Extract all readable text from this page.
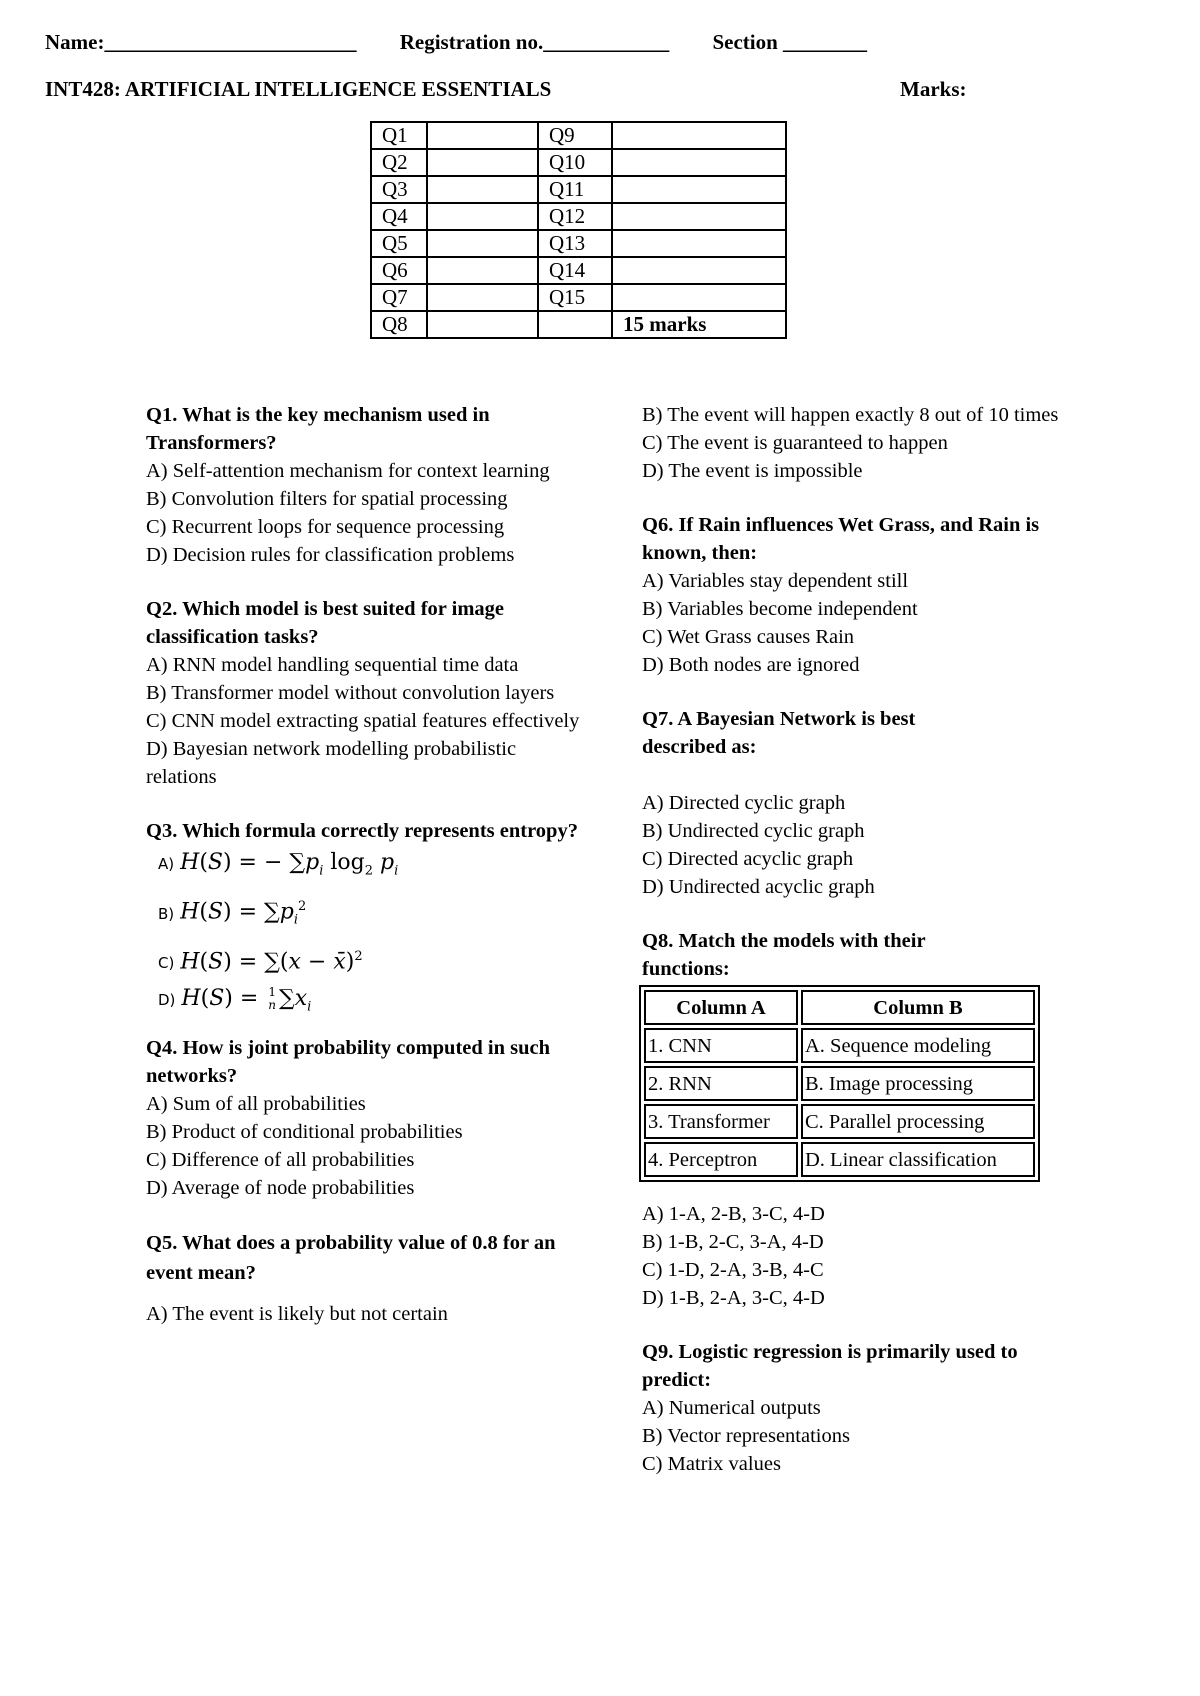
Name:________________________ Registration no.____________ Section ________
INT428: ARTIFICIAL INTELLIGENCE ESSENTIALS	Marks:
Q1		Q9	
Q2		Q10	
Q3		Q11	
Q4		Q12	
Q5		Q13	
Q6		Q14	
Q7		Q15	
Q8			15 marks
Q1. What is the key mechanism used in Transformers?
A) Self-attention mechanism for context learning
B) Convolution filters for spatial processing
C) Recurrent loops for sequence processing
D) Decision rules for classification problems
Q2. Which model is best suited for image classification tasks?
A) RNN model handling sequential time data
B) Transformer model without convolution layers
C) CNN model extracting spatial features effectively
D) Bayesian network modelling probabilistic relations
Q3. Which formula correctly represents entropy?
A) H(S) = − $\sum p_i$ $\log_2 p_i$
B) $H(S) = \sum p_i^2$
C) H(S) = ∑(x − x̄)$^2$
D) H(S) = 1
n $\sum x_i$
Q4. How is joint probability computed in such networks?
A) Sum of all probabilities
B) Product of conditional probabilities
C) Difference of all probabilities
D) Average of node probabilities
Q5. What does a probability value of 0.8 for an event mean?
A) The event is likely but not certain
B) The event will happen exactly 8 out of 10 times
C) The event is guaranteed to happen
D) The event is impossible
Q6. If Rain influences Wet Grass, and Rain is known, then:
A) Variables stay dependent still
B) Variables become independent
C) Wet Grass causes Rain
D) Both nodes are ignored
Q7. A Bayesian Network is best described as:
A) Directed cyclic graph
B) Undirected cyclic graph
C) Directed acyclic graph
D) Undirected acyclic graph
Q8. Match the models with their functions:
Column A	Column B
1. CNN	A. Sequence modeling
2. RNN	B. Image processing
3. Transformer	C. Parallel processing
4. Perceptron	D. Linear classification
A) 1-A, 2-B, 3-C, 4-D
B) 1-B, 2-C, 3-A, 4-D
C) 1-D, 2-A, 3-B, 4-C
D) 1-B, 2-A, 3-C, 4-D
Q9. Logistic regression is primarily used to predict:
A) Numerical outputs
B) Vector representations
C) Matrix values
